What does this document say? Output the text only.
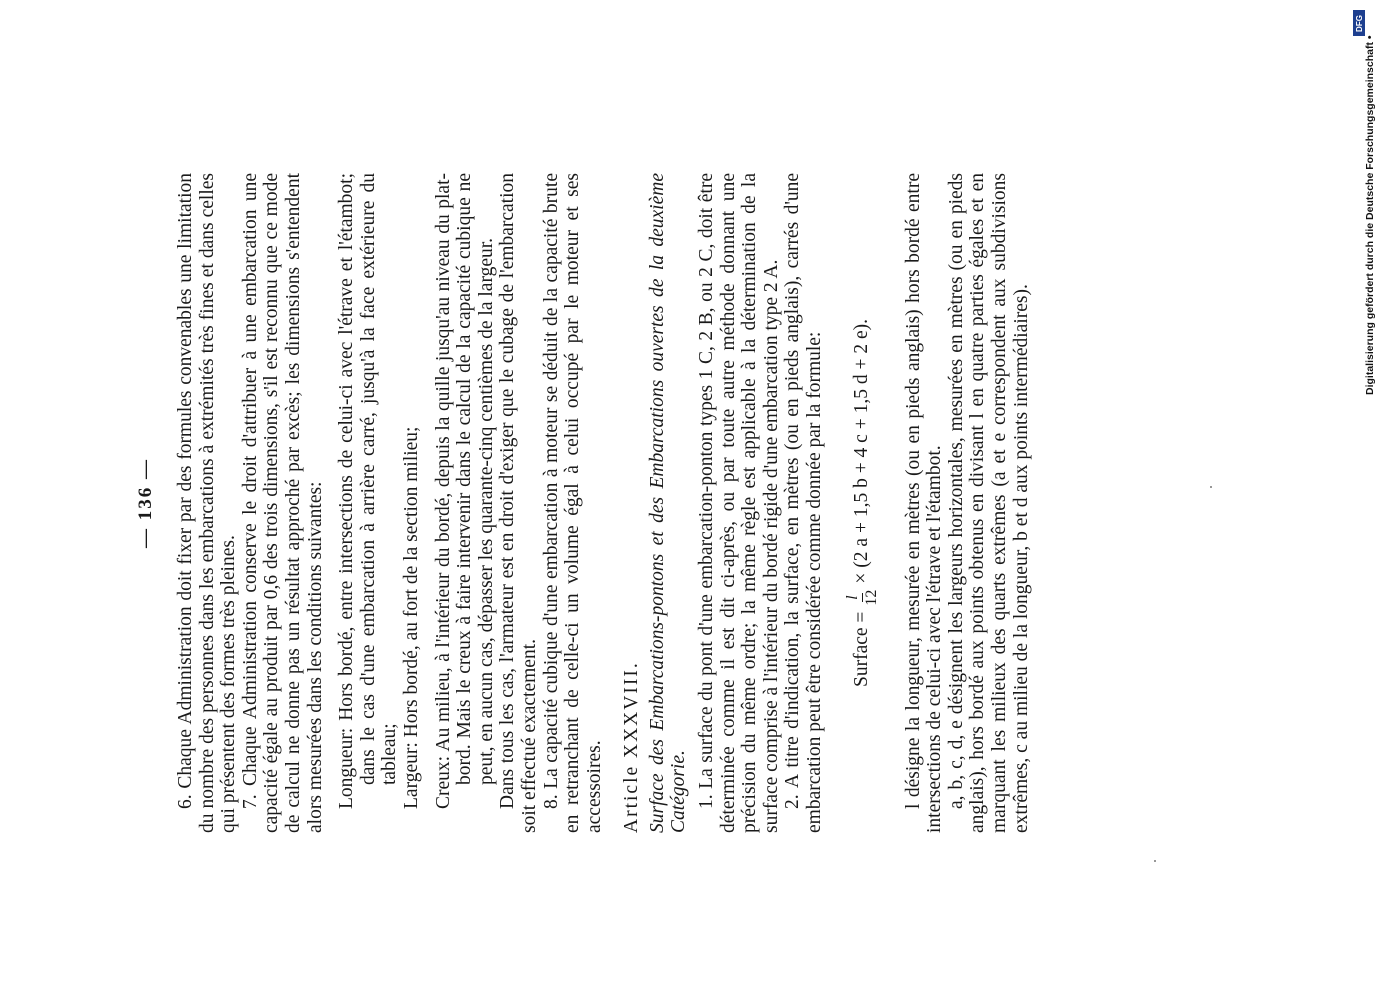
— 136 — 6. Chaque Administration doit fixer par des formules convenables une limitation du nombre des personnes dans les embarcations à extrémités très fines et dans celles qui présentent des formes très pleines. 7. Chaque Administration conserve le droit d'attribuer à une embarcation une capacité égale au produit par 0,6 des trois dimensions, s'il est reconnu que ce mode de calcul ne donne pas un résultat approché par excès; les dimensions s'entendent alors mesurées dans les conditions suivantes: Longueur: Hors bordé, entre intersections de celui-ci avec l'étrave et l'étambot; dans le cas d'une embarcation à arrière carré, jusqu'à la face extérieure du tableau; Largeur: Hors bordé, au fort de la section milieu; Creux: Au milieu, à l'intérieur du bordé, depuis la quille jusqu'au niveau du plat-bord. Mais le creux à faire intervenir dans le calcul de la capacité cubique ne peut, en aucun cas, dépasser les quarante-cinq centièmes de la largeur. Dans tous les cas, l'armateur est en droit d'exiger que le cubage de l'embarcation soit effectué exactement. 8. La capacité cubique d'une embarcation à moteur se déduit de la capacité brute en retranchant de celle-ci un volume égal à celui occupé par le moteur et ses accessoires. Article XXXVIII. Surface des Embarcations-pontons et des Embarcations ouvertes de la deuxième Catégorie. 1. La surface du pont d'une embarcation-ponton types 1 C, 2 B, ou 2 C, doit être déterminée comme il est dit ci-après, ou par toute autre méthode donnant une précision du même ordre; la même règle est applicable à la détermination de la surface comprise à l'intérieur du bordé rigide d'une embarcation type 2 A. 2. A titre d'indication, la surface, en mètres (ou en pieds anglais), carrés d'une embarcation peut être considérée comme donnée par la formule: Surface =
l 12
× (2 a + 1,5 b + 4 c + 1,5 d + 2 e). l désigne la longueur, mesurée en mètres (ou en pieds anglais) hors bordé entre intersections de celui-ci avec l'étrave et l'étambot. a, b, c, d, e désignent les largeurs horizontales, mesurées en mètres (ou en pieds anglais), hors bordé aux points obtenus en divisant l en quatre parties égales et en marquant les milieux des quarts extrêmes (a et e correspondent aux subdivisions extrêmes, c au milieu de la longueur, b et d aux points intermédiaires).

DFG
Digitalisierung gefördert durch die Deutsche Forschungsgemeinschaft •
